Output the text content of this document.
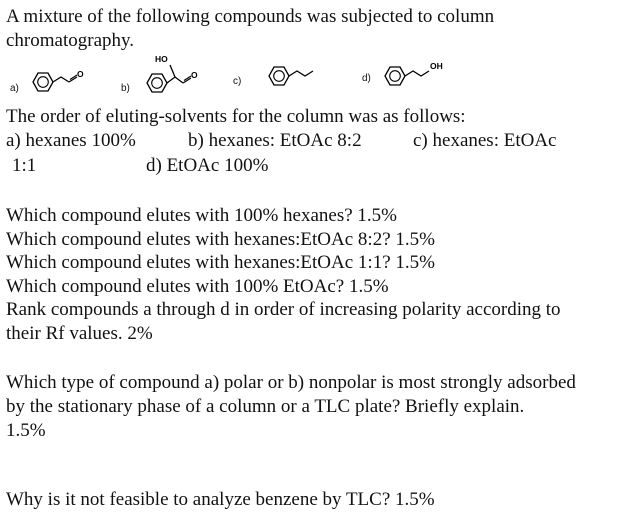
A mixture of the following compounds was subjected to column
chromatography.
a)	b)
c)	d)
O
HO
O
OH
The order of eluting-solvents for the column was as follows:
a) hexanes 100%	b) hexanes: EtOAc 8:2	c) hexanes: EtOAc
1:1	d) EtOAc 100%
Which compound elutes with 100% hexanes? 1.5%
Which compound elutes with hexanes:EtOAc 8:2? 1.5%
Which compound elutes with hexanes:EtOAc 1:1? 1.5%
Which compound elutes with 100% EtOAc? 1.5%
Rank compounds a through d in order of increasing polarity according to
their Rf values. 2%
Which type of compound a) polar or b) nonpolar is most strongly adsorbed
by the stationary phase of a column or a TLC plate? Briefly explain.
1.5%
Why is it not feasible to analyze benzene by TLC? 1.5%
